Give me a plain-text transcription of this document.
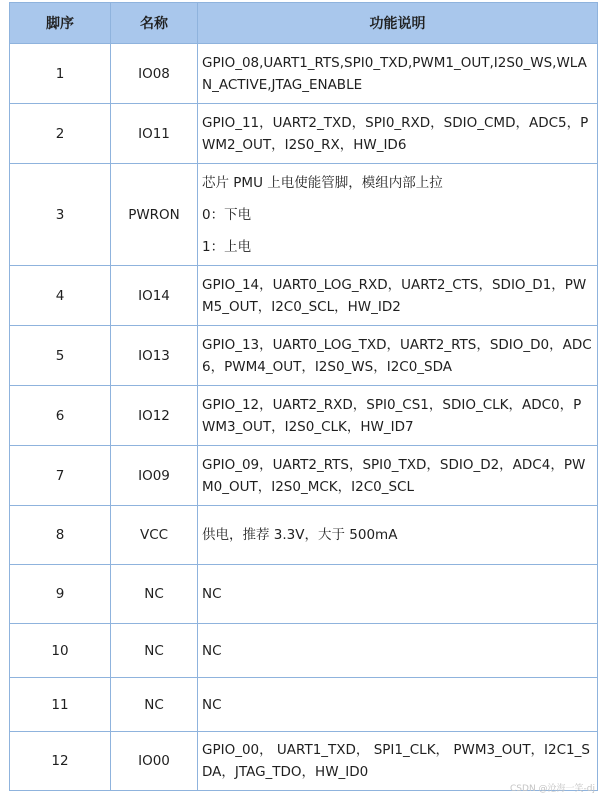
脚序	名称	功能说明
1	IO08	GPIO_08,UART1_RTS,SPI0_TXD,PWM1_OUT,I2S0_WS,WLAN_ACTIVE,JTAG_ENABLE

2	IO11	GPIO_11，UART2_TXD，SPI0_RXD，SDIO_CMD，ADC5，PWM2_OUT，I2S0_RX，HW_ID6

3	PWRON	芯片 PMU 上电使能管脚，模组内部上拉
0：下电
1：上电

4	IO14	GPIO_14，UART0_LOG_RXD，UART2_CTS，SDIO_D1，PWM5_OUT，I2C0_SCL，HW_ID2

5	IO13	GPIO_13，UART0_LOG_TXD，UART2_RTS，SDIO_D0，ADC6，PWM4_OUT，I2S0_WS，I2C0_SDA

6	IO12	GPIO_12，UART2_RXD，SPI0_CS1，SDIO_CLK，ADC0，PWM3_OUT，I2S0_CLK，HW_ID7

7	IO09	GPIO_09，UART2_RTS，SPI0_TXD，SDIO_D2，ADC4，PWM0_OUT，I2S0_MCK，I2C0_SCL

8	VCC	供电，推荐 3.3V，大于 500mA

9	NC	NC

10	NC	NC

11	NC	NC

12	IO00	GPIO_00， UART1_TXD， SPI1_CLK， PWM3_OUT，I2C1_SDA，JTAG_TDO，HW_ID0
CSDN @沧海一笑-dj
